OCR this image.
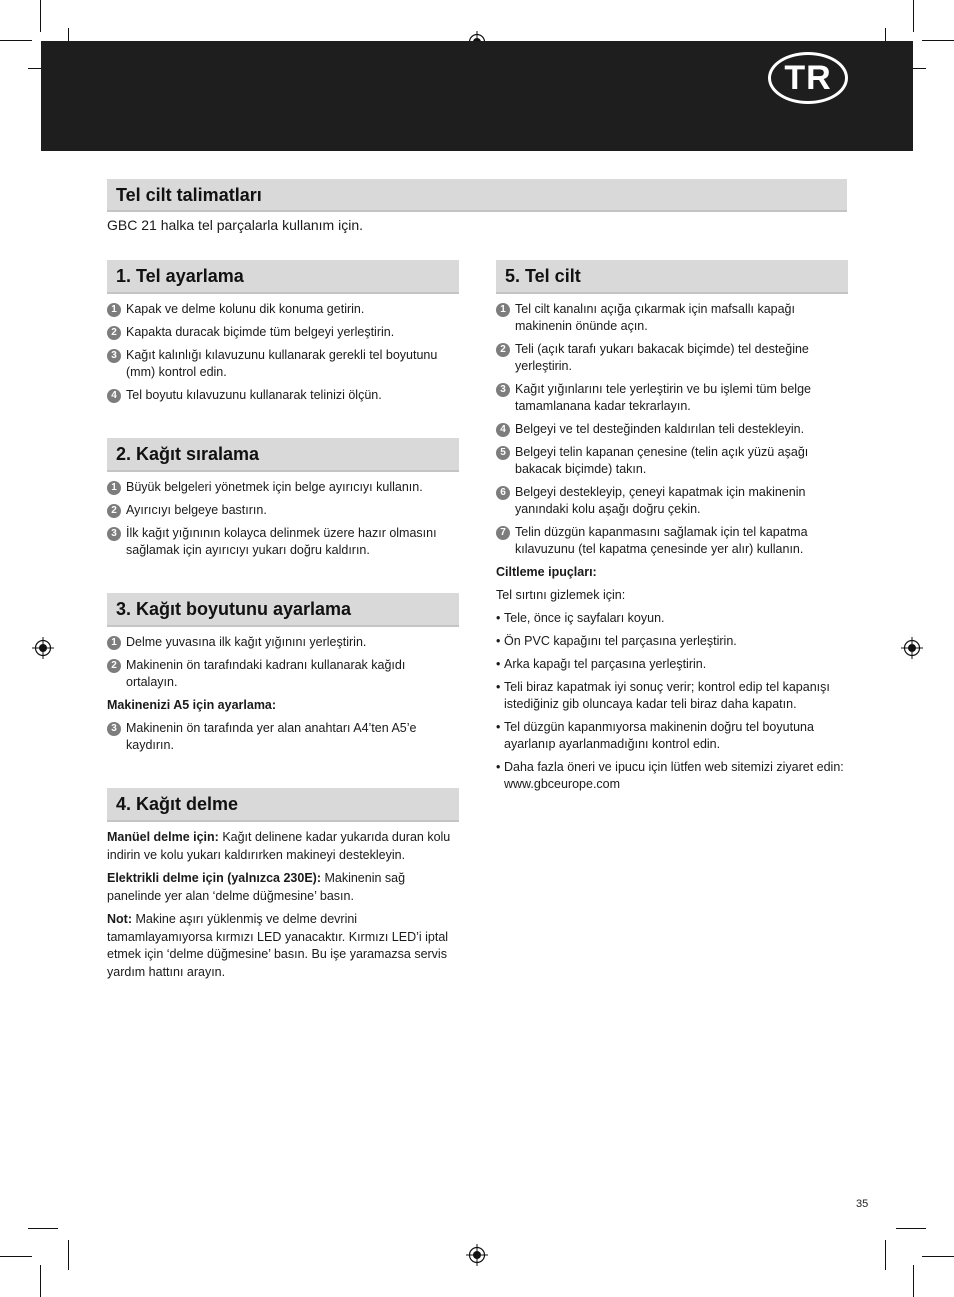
TR
Tel cilt talimatları
GBC 21 halka tel parçalarla kullanım için.
1. Tel ayarlama
1 Kapak ve delme kolunu dik konuma getirin.
2 Kapakta duracak biçimde tüm belgeyi yerleştirin.
3 Kağıt kalınlığı kılavuzunu kullanarak gerekli tel boyutunu (mm) kontrol edin.
4 Tel boyutu kılavuzunu kullanarak telinizi ölçün.
2. Kağıt sıralama
1 Büyük belgeleri yönetmek için belge ayırıcıyı kullanın.
2 Ayırıcıyı belgeye bastırın.
3 İlk kağıt yığınının kolayca delinmek üzere hazır olmasını sağlamak için ayırıcıyı yukarı doğru kaldırın.
3. Kağıt boyutunu ayarlama
1 Delme yuvasına ilk kağıt yığınını yerleştirin.
2 Makinenin ön tarafındaki kadranı kullanarak kağıdı ortalayın.
Makinenizi A5 için ayarlama:
3 Makinenin ön tarafında yer alan anahtarı A4’ten A5’e kaydırın.
4. Kağıt delme
Manüel delme için: Kağıt delinene kadar yukarıda duran kolu indirin ve kolu yukarı kaldırırken makineyi destekleyin.
Elektrikli delme için (yalnızca 230E): Makinenin sağ panelinde yer alan ‘delme düğmesine’ basın.
Not: Makine aşırı yüklenmiş ve delme devrini tamamlayamıyorsa kırmızı LED yanacaktır. Kırmızı LED’i iptal etmek için ‘delme düğmesine’ basın. Bu işe yaramazsa servis yardım hattını arayın.
5. Tel cilt
1 Tel cilt kanalını açığa çıkarmak için mafsallı kapağı makinenin önünde açın.
2 Teli (açık tarafı yukarı bakacak biçimde) tel desteğine yerleştirin.
3 Kağıt yığınlarını tele yerleştirin ve bu işlemi tüm belge tamamlanana kadar tekrarlayın.
4 Belgeyi ve tel desteğinden kaldırılan teli destekleyin.
5 Belgeyi telin kapanan çenesine (telin açık yüzü aşağı bakacak biçimde) takın.
6 Belgeyi destekleyip, çeneyi kapatmak için makinenin yanındaki kolu aşağı doğru çekin.
7 Telin düzgün kapanmasını sağlamak için tel kapatma kılavuzunu (tel kapatma çenesinde yer alır) kullanın.
Ciltleme ipuçları:
Tel sırtını gizlemek için:
• Tele, önce iç sayfaları koyun.
• Ön PVC kapağını tel parçasına yerleştirin.
• Arka kapağı tel parçasına yerleştirin.
• Teli biraz kapatmak iyi sonuç verir; kontrol edip tel kapanışı istediğiniz gib oluncaya kadar teli biraz daha kapatın.
• Tel düzgün kapanmıyorsa makinenin doğru tel boyutuna ayarlanıp ayarlanmadığını kontrol edin.
• Daha fazla öneri ve ipucu için lütfen web sitemizi ziyaret edin: www.gbceurope.com
35
